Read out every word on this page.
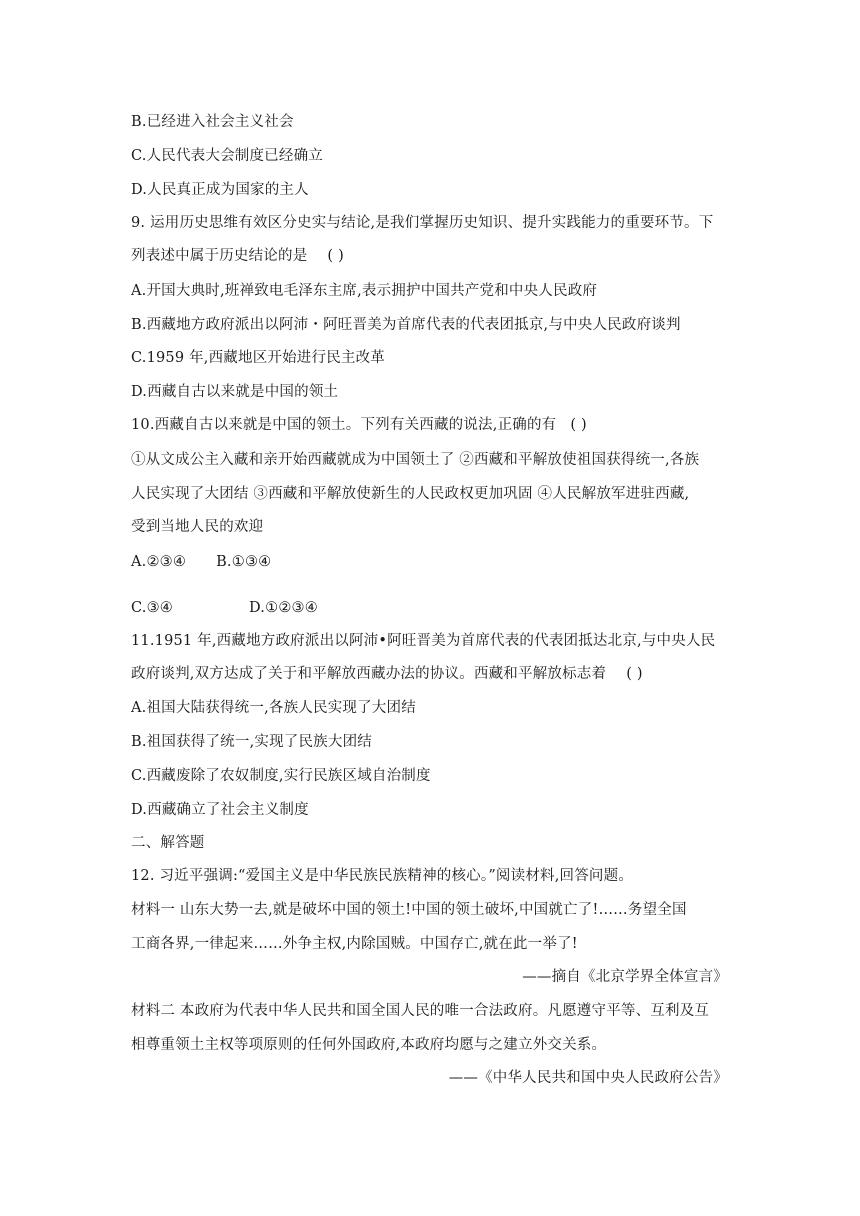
B.已经进入社会主义社会
C.人民代表大会制度已经确立
D.人民真正成为国家的主人
9. 运用历史思维有效区分史实与结论,是我们掌握历史知识、提升实践能力的重要环节。下
列表述中属于历史结论的是 ( )
A.开国大典时,班禅致电毛泽东主席,表示拥护中国共产党和中央人民政府
B.西藏地方政府派出以阿沛・阿旺晋美为首席代表的代表团抵京,与中央人民政府谈判
C.1959 年,西藏地区开始进行民主改革
D.西藏自古以来就是中国的领土
10.西藏自古以来就是中国的领土。下列有关西藏的说法,正确的有 ( )
①从文成公主入藏和亲开始西藏就成为中国领土了 ②西藏和平解放使祖国获得统一,各族
人民实现了大团结 ③西藏和平解放使新生的人民政权更加巩固 ④人民解放军进驻西藏,
受到当地人民的欢迎
A.②③④ B.①③④
C.③④	D.①②③④
11.1951 年,西藏地方政府派出以阿沛•阿旺晋美为首席代表的代表团抵达北京,与中央人民
政府谈判,双方达成了关于和平解放西藏办法的协议。西藏和平解放标志着 ( )
A.祖国大陆获得统一,各族人民实现了大团结
B.祖国获得了统一,实现了民族大团结
C.西藏废除了农奴制度,实行民族区域自治制度
D.西藏确立了社会主义制度
二、解答题
12. 习近平强调:“爱国主义是中华民族民族精神的核心。”阅读材料,回答问题。
材料一 山东大势一去,就是破坏中国的领土!中国的领土破坏,中国就亡了!……务望全国
工商各界,一律起来……外争主权,内除国贼。中国存亡,就在此一举了!
——摘自《北京学界全体宣言》
材料二 本政府为代表中华人民共和国全国人民的唯一合法政府。凡愿遵守平等、互利及互
相尊重领土主权等项原则的任何外国政府,本政府均愿与之建立外交关系。
——《中华人民共和国中央人民政府公告》
